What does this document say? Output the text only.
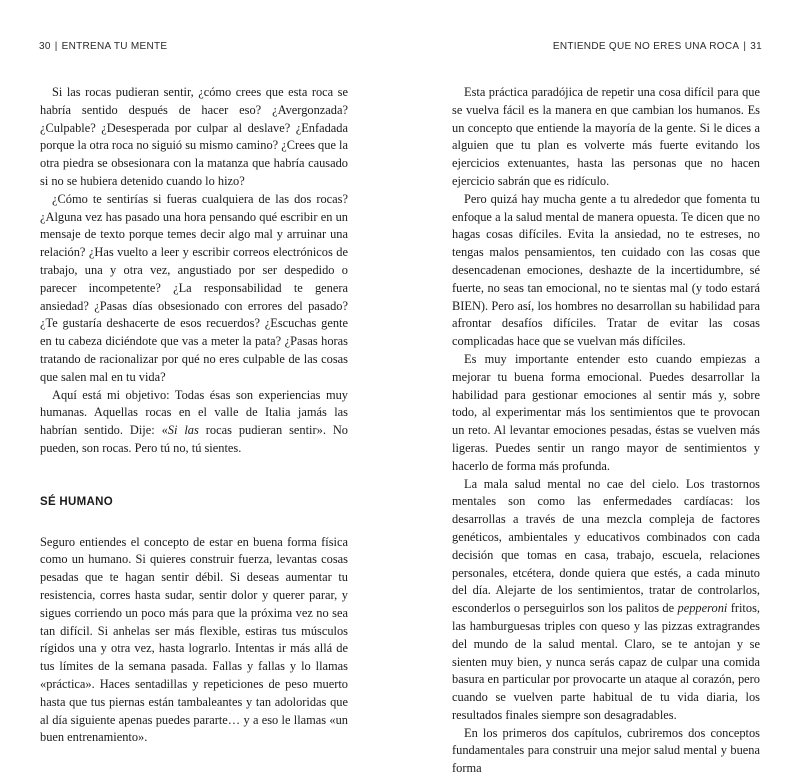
30 | ENTRENA TU MENTE

Si las rocas pudieran sentir, ¿cómo crees que esta roca se habría sentido después de hacer eso? ¿Avergonzada? ¿Culpable? ¿Desesperada por culpar al deslave? ¿Enfadada porque la otra roca no siguió su mismo camino? ¿Crees que la otra piedra se obsesionara con la matanza que habría causado si no se hubiera detenido cuando lo hizo?

¿Cómo te sentirías si fueras cualquiera de las dos rocas? ¿Alguna vez has pasado una hora pensando qué escribir en un mensaje de texto porque temes decir algo mal y arruinar una relación? ¿Has vuelto a leer y escribir correos electrónicos de trabajo, una y otra vez, angustiado por ser despedido o parecer incompetente? ¿La responsabilidad te genera ansiedad? ¿Pasas días obsesionado con errores del pasado? ¿Te gustaría deshacerte de esos recuerdos? ¿Escuchas gente en tu cabeza diciéndote que vas a meter la pata? ¿Pasas horas tratando de racionalizar por qué no eres culpable de las cosas que salen mal en tu vida?

Aquí está mi objetivo: Todas ésas son experiencias muy humanas. Aquellas rocas en el valle de Italia jamás las habrían sentido. Dije: «Si las rocas pudieran sentir». No pueden, son rocas. Pero tú no, tú sientes.

SÉ HUMANO

Seguro entiendes el concepto de estar en buena forma física como un humano. Si quieres construir fuerza, levantas cosas pesadas que te hagan sentir débil. Si deseas aumentar tu resistencia, corres hasta sudar, sentir dolor y querer parar, y sigues corriendo un poco más para que la próxima vez no sea tan difícil. Si anhelas ser más flexible, estiras tus músculos rígidos una y otra vez, hasta lograrlo. Intentas ir más allá de tus límites de la semana pasada. Fallas y fallas y lo llamas «práctica». Haces sentadillas y repeticiones de peso muerto hasta que tus piernas están tambaleantes y tan adoloridas que al día siguiente apenas puedes pararte… y a eso le llamas «un buen entrenamiento».

ENTIENDE QUE NO ERES UNA ROCA | 31

Esta práctica paradójica de repetir una cosa difícil para que se vuelva fácil es la manera en que cambian los humanos. Es un concepto que entiende la mayoría de la gente. Si le dices a alguien que tu plan es volverte más fuerte evitando los ejercicios extenuantes, hasta las personas que no hacen ejercicio sabrán que es ridículo.

Pero quizá hay mucha gente a tu alrededor que fomenta tu enfoque a la salud mental de manera opuesta. Te dicen que no hagas cosas difíciles. Evita la ansiedad, no te estreses, no tengas malos pensamientos, ten cuidado con las cosas que desencadenan emociones, deshazte de la incertidumbre, sé fuerte, no seas tan emocional, no te sientas mal (y todo estará BIEN). Pero así, los hombres no desarrollan su habilidad para afrontar desafíos difíciles. Tratar de evitar las cosas complicadas hace que se vuelvan más difíciles.

Es muy importante entender esto cuando empiezas a mejorar tu buena forma emocional. Puedes desarrollar la habilidad para gestionar emociones al sentir más y, sobre todo, al experimentar más los sentimientos que te provocan un reto. Al levantar emociones pesadas, éstas se vuelven más ligeras. Puedes sentir un rango mayor de sentimientos y hacerlo de forma más profunda.

La mala salud mental no cae del cielo. Los trastornos mentales son como las enfermedades cardíacas: los desarrollas a través de una mezcla compleja de factores genéticos, ambientales y educativos combinados con cada decisión que tomas en casa, trabajo, escuela, relaciones personales, etcétera, donde quiera que estés, a cada minuto del día. Alejarte de los sentimientos, tratar de controlarlos, esconderlos o perseguirlos son los palitos de pepperoni fritos, las hamburguesas triples con queso y las pizzas extragrandes del mundo de la salud mental. Claro, se te antojan y se sienten muy bien, y nunca serás capaz de culpar una comida basura en particular por provocarte un ataque al corazón, pero cuando se vuelven parte habitual de tu vida diaria, los resultados finales siempre son desagradables.

En los primeros dos capítulos, cubriremos dos conceptos fundamentales para construir una mejor salud mental y buena forma
